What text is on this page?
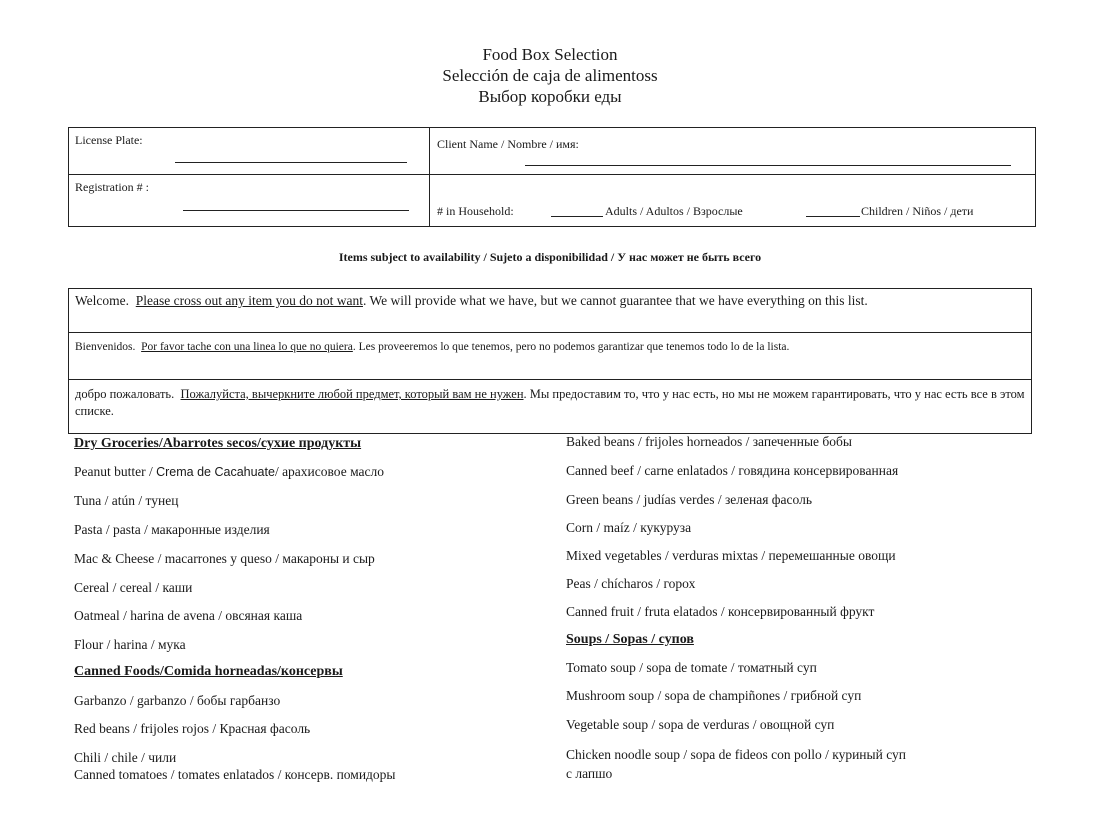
Food Box Selection
Selección de caja de alimentoss
Выбор коробки еды
License Plate:
Registration # :
Client Name / Nombre / имя:
# in Household:	Adults / Adultos / Взрослые	Children / Niños / дети
Items subject to availability / Sujeto a disponibilidad / У нас может не быть всего
Welcome. Please cross out any item you do not want. We will provide what we have, but we cannot guarantee that we have everything on this list.
Bienvenidos. Por favor tache con una linea lo que no quiera. Les proveeremos lo que tenemos, pero no podemos garantizar que tenemos todo lo de la lista.
добро пожаловать. Пожалуйста, вычеркните любой предмет, который вам не нужен. Мы предоставим то, что у нас есть, но мы не можем гарантировать, что у нас есть все в этом списке.
Dry Groceries/Abarrotes secos/сухие продукты
Peanut butter / Crema de Cacahuate/ арахисовое масло
Tuna / atún / тунец
Pasta / pasta / макаронные изделия
Mac & Cheese / macarrones y queso / макароны и сыр
Cereal / cereal / каши
Oatmeal / harina de avena / овсяная каша
Flour / harina / мука
Canned Foods/Comida horneadas/консервы
Garbanzo / garbanzo / бобы гарбанзо
Red beans / frijoles rojos / Красная фасоль
Chili / chile / чили
Canned tomatoes / tomates enlatados / консерв. помидоры
Baked beans / frijoles horneados / запеченные бобы
Canned beef / carne enlatados / говядина консервированная
Green beans / judías verdes / зеленая фасоль
Corn / maíz / кукуруза
Mixed vegetables / verduras mixtas / перемешанные овощи
Peas / chícharos / горох
Canned fruit / fruta elatados / консервированный фрукт
Soups / Sopas / супов
Tomato soup / sopa de tomate / томатный суп
Mushroom soup / sopa de champiñones / грибной суп
Vegetable soup / sopa de verduras / овощной суп
Chicken noodle soup / sopa de fideos con pollo / куриный суп
с лапшо
